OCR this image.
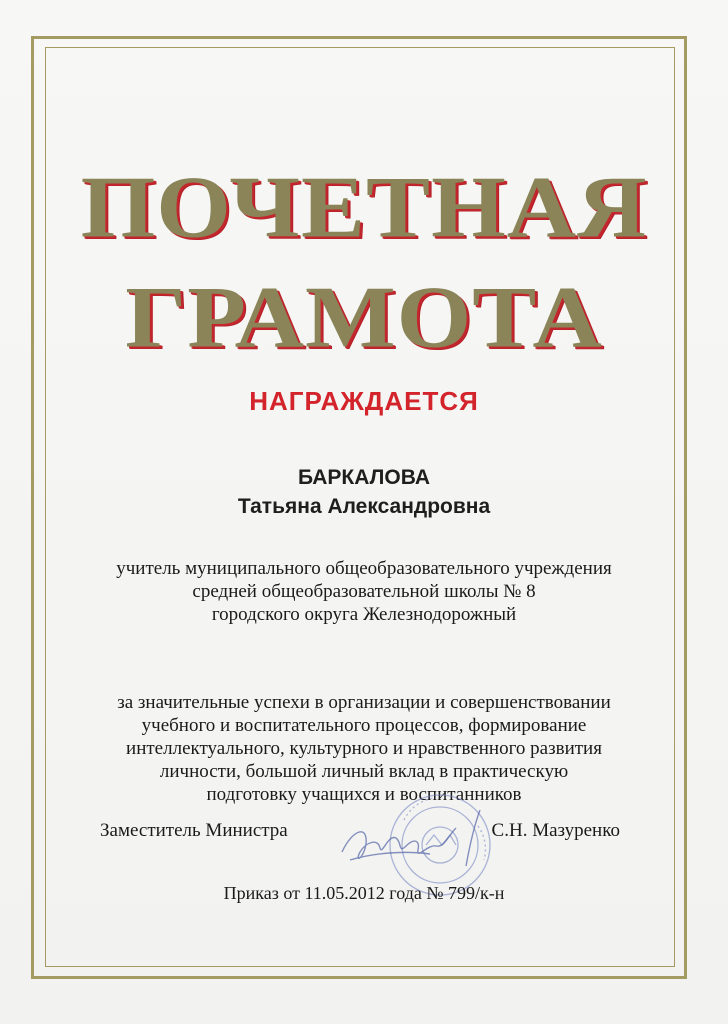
ПОЧЕТНАЯ
ГРАМОТА
НАГРАЖДАЕТСЯ
БАРКАЛОВА
Татьяна Александровна
учитель муниципального общеобразовательного учреждения
средней общеобразовательной школы № 8
городского округа Железнодорожный
за значительные успехи в организации и совершенствовании
учебного и воспитательного процессов, формирование
интеллектуального, культурного и нравственного развития
личности, большой личный вклад в практическую
подготовку учащихся и воспитанников
Заместитель Министра	С.Н. Мазуренко
Приказ от 11.05.2012 года № 799/к-н
